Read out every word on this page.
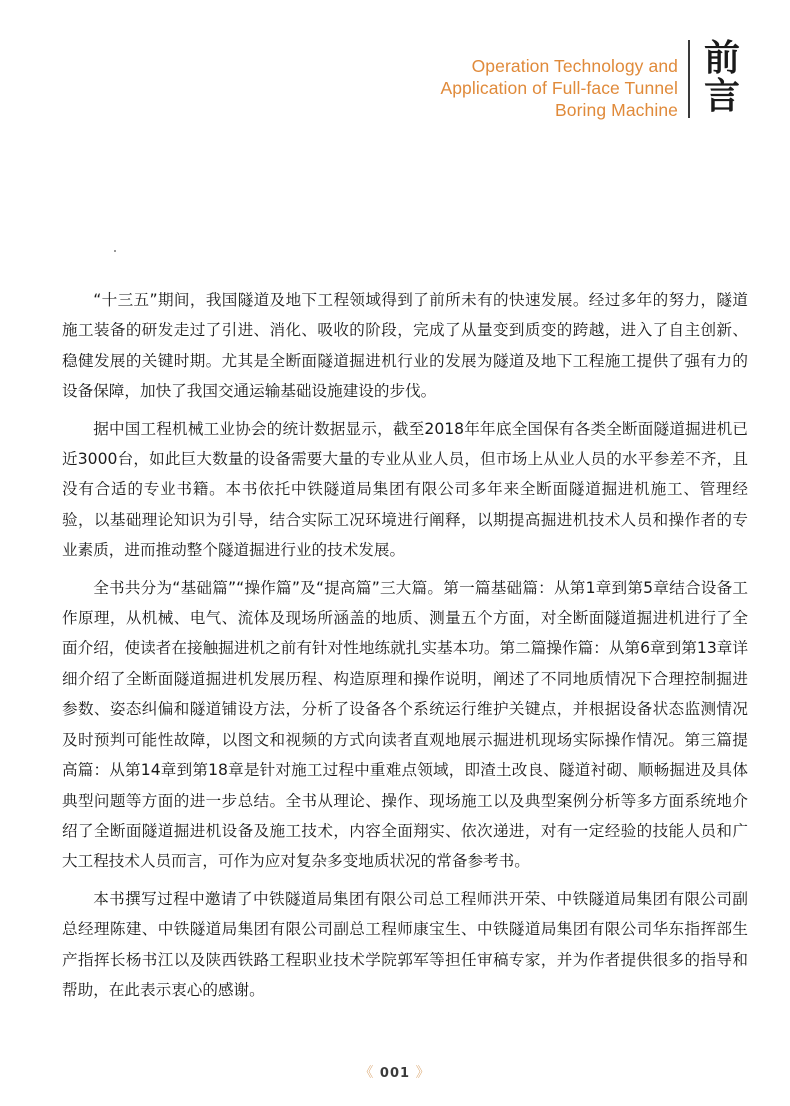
Operation Technology and
Application of Full-face Tunnel
Boring Machine
前
言

“十三五”期间，我国隧道及地下工程领域得到了前所未有的快速发展。经过多年的努力，隧道施工装备的研发走过了引进、消化、吸收的阶段，完成了从量变到质变的跨越，进入了自主创新、稳健发展的关键时期。尤其是全断面隧道掘进机行业的发展为隧道及地下工程施工提供了强有力的设备保障，加快了我国交通运输基础设施建设的步伐。

据中国工程机械工业协会的统计数据显示，截至2018年年底全国保有各类全断面隧道掘进机已近3000台，如此巨大数量的设备需要大量的专业从业人员，但市场上从业人员的水平参差不齐，且没有合适的专业书籍。本书依托中铁隧道局集团有限公司多年来全断面隧道掘进机施工、管理经验，以基础理论知识为引导，结合实际工况环境进行阐释，以期提高掘进机技术人员和操作者的专业素质，进而推动整个隧道掘进行业的技术发展。

全书共分为“基础篇”“操作篇”及“提高篇”三大篇。第一篇基础篇：从第1章到第5章结合设备工作原理，从机械、电气、流体及现场所涵盖的地质、测量五个方面，对全断面隧道掘进机进行了全面介绍，使读者在接触掘进机之前有针对性地练就扎实基本功。第二篇操作篇：从第6章到第13章详细介绍了全断面隧道掘进机发展历程、构造原理和操作说明，阐述了不同地质情况下合理控制掘进参数、姿态纠偏和隧道铺设方法，分析了设备各个系统运行维护关键点，并根据设备状态监测情况及时预判可能性故障，以图文和视频的方式向读者直观地展示掘进机现场实际操作情况。第三篇提高篇：从第14章到第18章是针对施工过程中重难点领域，即渣土改良、隧道衬砌、顺畅掘进及具体典型问题等方面的进一步总结。全书从理论、操作、现场施工以及典型案例分析等多方面系统地介绍了全断面隧道掘进机设备及施工技术，内容全面翔实、依次递进，对有一定经验的技能人员和广大工程技术人员而言，可作为应对复杂多变地质状况的常备参考书。

本书撰写过程中邀请了中铁隧道局集团有限公司总工程师洪开荣、中铁隧道局集团有限公司副总经理陈建、中铁隧道局集团有限公司副总工程师康宝生、中铁隧道局集团有限公司华东指挥部生产指挥长杨书江以及陕西铁路工程职业技术学院郭军等担任审稿专家，并为作者提供很多的指导和帮助，在此表示衷心的感谢。

《 001 》
